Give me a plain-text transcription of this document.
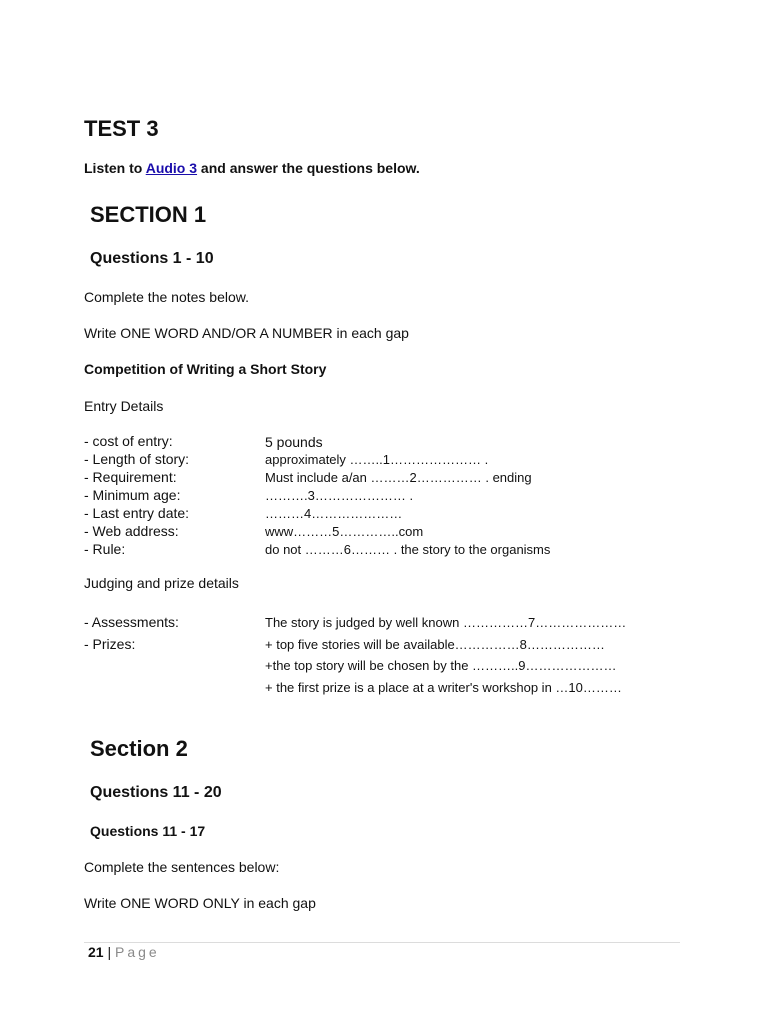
TEST 3
Listen to Audio 3 and answer the questions below.
SECTION 1
Questions 1 - 10
Complete the notes below.
Write ONE WORD AND/OR A NUMBER in each gap
Competition of Writing a Short Story
Entry Details
- cost of entry:	5 pounds
- Length of story:	approximately ……..1………………… .
- Requirement:	Must include a/an ………2…………… . ending
- Minimum age:	……….3………………… .
- Last entry date:	………4…………………
- Web address:	www………5…………..com
- Rule:	do not ………6……… . the story to the organisms
Judging and prize details
- Assessments:	The story is judged by well known ……………7…………………
- Prizes:	+ top five stories will be available……………8………………
+the top story will be chosen by the ………..9…………………
+ the first prize is a place at a writer's workshop in …10………
Section 2
Questions 11 - 20
Questions 11 - 17
Complete the sentences below:
Write ONE WORD ONLY in each gap
21 | Page
